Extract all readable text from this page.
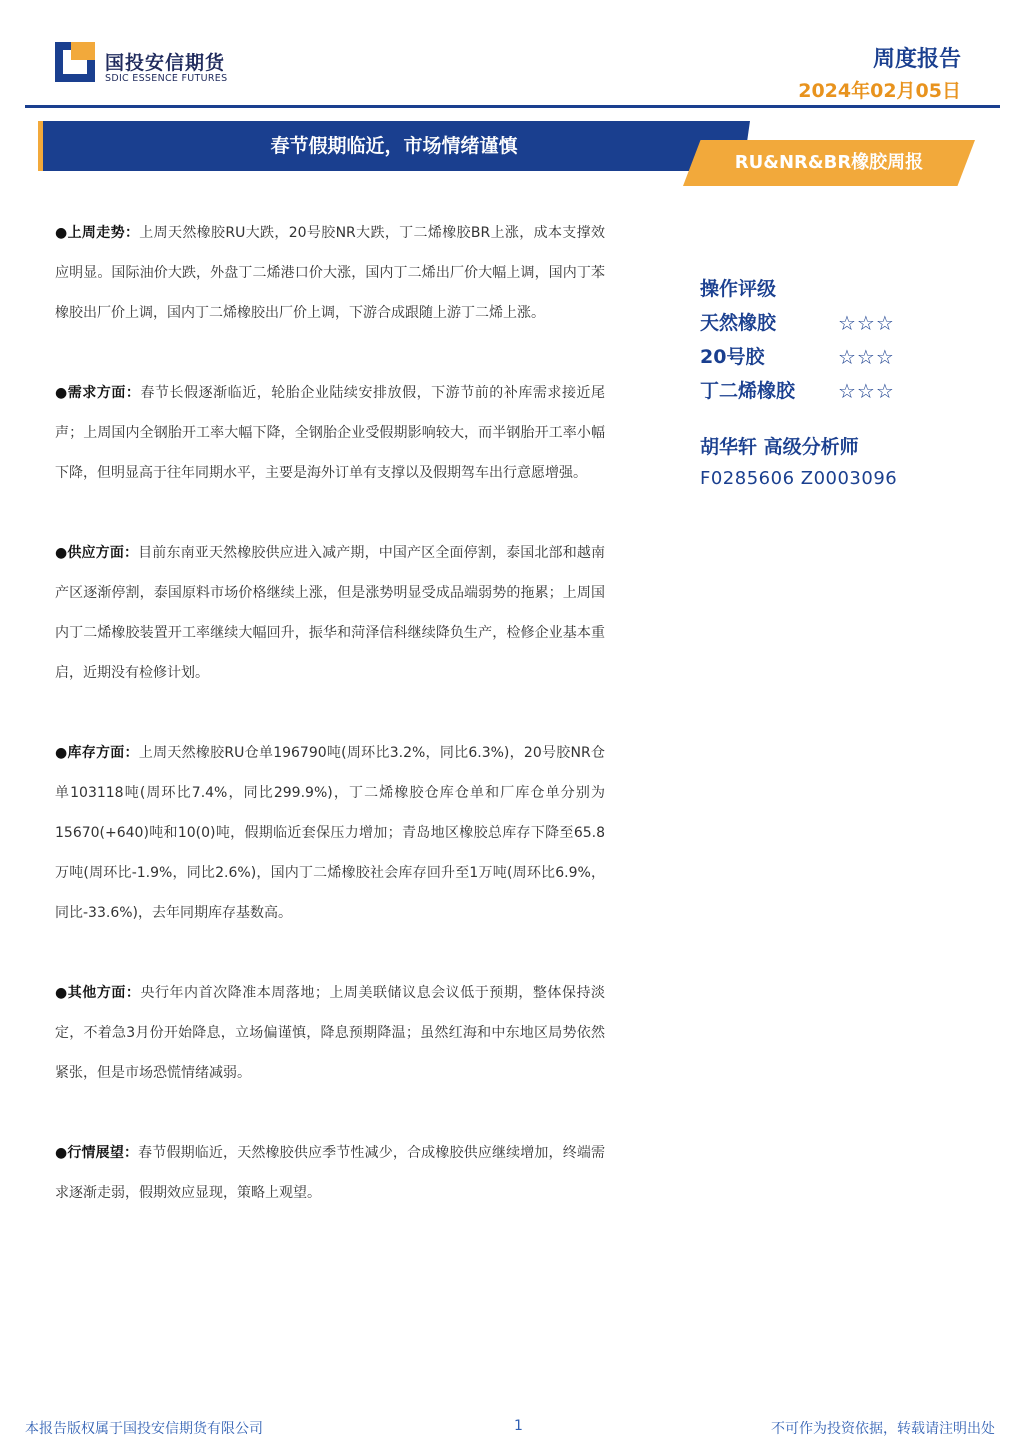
国投安信期货
SDIC ESSENCE FUTURES
周度报告
2024年02月05日
春节假期临近，市场情绪谨慎
RU&NR&BR橡胶周报

●上周走势：上周天然橡胶RU大跌，20号胶NR大跌，丁二烯橡胶BR上涨，成本支撑效应明显。国际油价大跌，外盘丁二烯港口价大涨，国内丁二烯出厂价大幅上调，国内丁苯橡胶出厂价上调，国内丁二烯橡胶出厂价上调，下游合成跟随上游丁二烯上涨。

●需求方面：春节长假逐渐临近，轮胎企业陆续安排放假，下游节前的补库需求接近尾声；上周国内全钢胎开工率大幅下降，全钢胎企业受假期影响较大，而半钢胎开工率小幅下降，但明显高于往年同期水平，主要是海外订单有支撑以及假期驾车出行意愿增强。

●供应方面：目前东南亚天然橡胶供应进入减产期，中国产区全面停割，泰国北部和越南产区逐渐停割，泰国原料市场价格继续上涨，但是涨势明显受成品端弱势的拖累；上周国内丁二烯橡胶装置开工率继续大幅回升，振华和菏泽信科继续降负生产，检修企业基本重启，近期没有检修计划。

●库存方面：上周天然橡胶RU仓单196790吨(周环比3.2%，同比6.3%)，20号胶NR仓单103118吨(周环比7.4%，同比299.9%)，丁二烯橡胶仓库仓单和厂库仓单分别为15670(+640)吨和10(0)吨，假期临近套保压力增加；青岛地区橡胶总库存下降至65.8万吨(周环比-1.9%，同比2.6%)，国内丁二烯橡胶社会库存回升至1万吨(周环比6.9%，同比-33.6%)，去年同期库存基数高。

●其他方面：央行年内首次降准本周落地；上周美联储议息会议低于预期，整体保持淡定，不着急3月份开始降息，立场偏谨慎，降息预期降温；虽然红海和中东地区局势依然紧张，但是市场恐慌情绪减弱。

●行情展望：春节假期临近，天然橡胶供应季节性减少，合成橡胶供应继续增加，终端需求逐渐走弱，假期效应显现，策略上观望。

操作评级
天然橡胶	☆☆☆
20号胶	☆☆☆
丁二烯橡胶 ☆☆☆
胡华轩 高级分析师
F0285606 Z0003096
本报告版权属于国投安信期货有限公司	1	不可作为投资依据，转载请注明出处
